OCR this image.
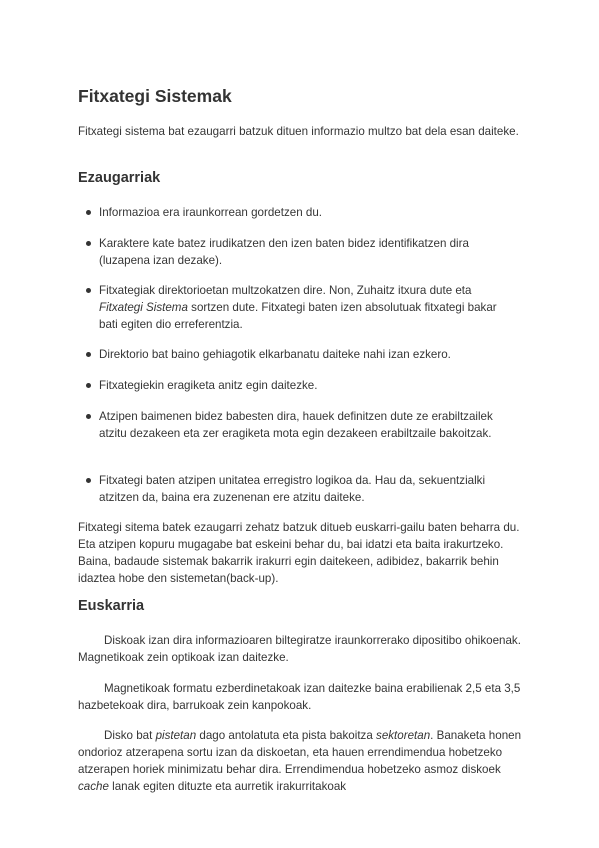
Fitxategi Sistemak

Fitxategi sistema bat ezaugarri batzuk dituen informazio multzo bat dela esan daiteke.

Ezaugarriak
Informazioa era iraunkorrean gordetzen du.
Karaktere kate batez irudikatzen den izen baten bidez identifikatzen dira (luzapena izan dezake).
Fitxategiak direktorioetan multzokatzen dire. Non, Zuhaitz itxura dute eta Fitxategi Sistema sortzen dute. Fitxategi baten izen absolutuak fitxategi bakar bati egiten dio erreferentzia.
Direktorio bat baino gehiagotik elkarbanatu daiteke nahi izan ezkero.
Fitxategiekin eragiketa anitz egin daitezke.
Atzipen baimenen bidez babesten dira, hauek definitzen dute ze erabiltzailek atzitu dezakeen eta zer eragiketa mota egin dezakeen erabiltzaile bakoitzak.
Fitxategi baten atzipen unitatea erregistro logikoa da. Hau da, sekuentzialki atzitzen da, baina era zuzenenan ere atzitu daiteke.

Fitxategi sitema batek ezaugarri zehatz batzuk ditueb euskarri-gailu baten beharra du. Eta atzipen kopuru mugagabe bat eskeini behar du, bai idatzi eta baita irakurtzeko. Baina, badaude sistemak bakarrik irakurri egin daitekeen, adibidez, bakarrik behin idaztea hobe den sistemetan(back-up).

Euskarria

Diskoak izan dira informazioaren biltegiratze iraunkorrerako dipositibo ohikoenak. Magnetikoak zein optikoak izan daitezke.

Magnetikoak formatu ezberdinetakoak izan daitezke baina erabilienak 2,5 eta 3,5 hazbetekoak dira, barrukoak zein kanpokoak.

Disko bat pistetan dago antolatuta eta pista bakoitza sektoretan. Banaketa honen ondorioz atzerapena sortu izan da diskoetan, eta hauen errendimendua hobetzeko atzerapen horiek minimizatu behar dira. Errendimendua hobetzeko asmoz diskoek cache lanak egiten dituzte eta aurretik irakurritakoak
